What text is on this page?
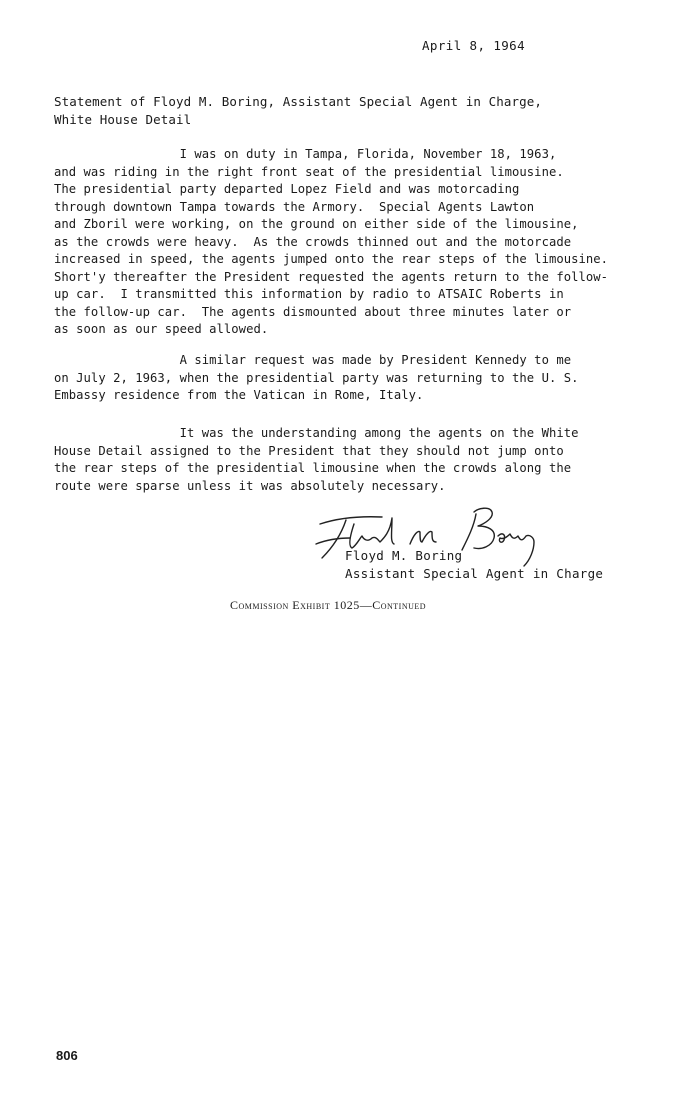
April 8, 1964
Statement of Floyd M. Boring, Assistant Special Agent in Charge,
White House Detail
I was on duty in Tampa, Florida, November 18, 1963,
and was riding in the right front seat of the presidential limousine.
The presidential party departed Lopez Field and was motorcading
through downtown Tampa towards the Armory.  Special Agents Lawton
and Zboril were working, on the ground on either side of the limousine,
as the crowds were heavy.  As the crowds thinned out and the motorcade
increased in speed, the agents jumped onto the rear steps of the limousine.
Short'y thereafter the President requested the agents return to the follow-
up car.  I transmitted this information by radio to ATSAIC Roberts in
the follow-up car.  The agents dismounted about three minutes later or
as soon as our speed allowed.
A similar request was made by President Kennedy to me
on July 2, 1963, when the presidential party was returning to the U. S.
Embassy residence from the Vatican in Rome, Italy.
It was the understanding among the agents on the White
House Detail assigned to the President that they should not jump onto
the rear steps of the presidential limousine when the crowds along the
route were sparse unless it was absolutely necessary.
Floyd M. Boring
Assistant Special Agent in Charge
Commission Exhibit 1025—Continued
806
